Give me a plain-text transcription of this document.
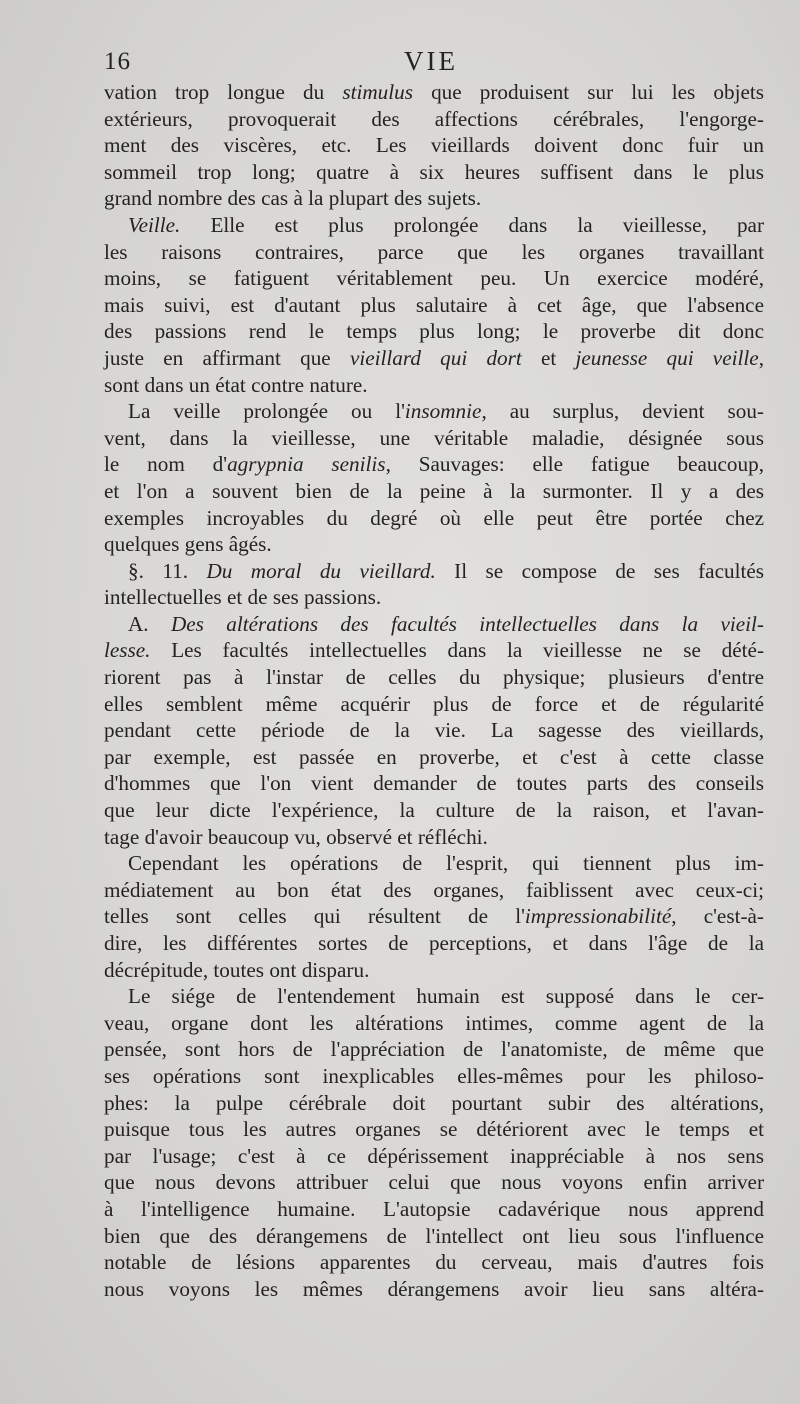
16	VIE
vation trop longue du stimulus que produisent sur lui les objets
extérieurs, provoquerait des affections cérébrales, l'engorge-
ment des viscères, etc. Les vieillards doivent donc fuir un
sommeil trop long; quatre à six heures suffisent dans le plus
grand nombre des cas à la plupart des sujets.
Veille. Elle est plus prolongée dans la vieillesse, par
les raisons contraires, parce que les organes travaillant
moins, se fatiguent véritablement peu. Un exercice modéré,
mais suivi, est d'autant plus salutaire à cet âge, que l'absence
des passions rend le temps plus long; le proverbe dit donc
juste en affirmant que vieillard qui dort et jeunesse qui veille,
sont dans un état contre nature.
La veille prolongée ou l'insomnie, au surplus, devient sou-
vent, dans la vieillesse, une véritable maladie, désignée sous
le nom d'agrypnia senilis, Sauvages: elle fatigue beaucoup,
et l'on a souvent bien de la peine à la surmonter. Il y a des
exemples incroyables du degré où elle peut être portée chez
quelques gens âgés.
§. 11. Du moral du vieillard. Il se compose de ses facultés
intellectuelles et de ses passions.
A. Des altérations des facultés intellectuelles dans la vieil-
lesse. Les facultés intellectuelles dans la vieillesse ne se dété-
riorent pas à l'instar de celles du physique; plusieurs d'entre
elles semblent même acquérir plus de force et de régularité
pendant cette période de la vie. La sagesse des vieillards,
par exemple, est passée en proverbe, et c'est à cette classe
d'hommes que l'on vient demander de toutes parts des conseils
que leur dicte l'expérience, la culture de la raison, et l'avan-
tage d'avoir beaucoup vu, observé et réfléchi.
Cependant les opérations de l'esprit, qui tiennent plus im-
médiatement au bon état des organes, faiblissent avec ceux-ci;
telles sont celles qui résultent de l'impressionabilité, c'est-à-
dire, les différentes sortes de perceptions, et dans l'âge de la
décrépitude, toutes ont disparu.
Le siége de l'entendement humain est supposé dans le cer-
veau, organe dont les altérations intimes, comme agent de la
pensée, sont hors de l'appréciation de l'anatomiste, de même que
ses opérations sont inexplicables elles-mêmes pour les philoso-
phes: la pulpe cérébrale doit pourtant subir des altérations,
puisque tous les autres organes se détériorent avec le temps et
par l'usage; c'est à ce dépérissement inappréciable à nos sens
que nous devons attribuer celui que nous voyons enfin arriver
à l'intelligence humaine. L'autopsie cadavérique nous apprend
bien que des dérangemens de l'intellect ont lieu sous l'influence
notable de lésions apparentes du cerveau, mais d'autres fois
nous voyons les mêmes dérangemens avoir lieu sans altéra-
